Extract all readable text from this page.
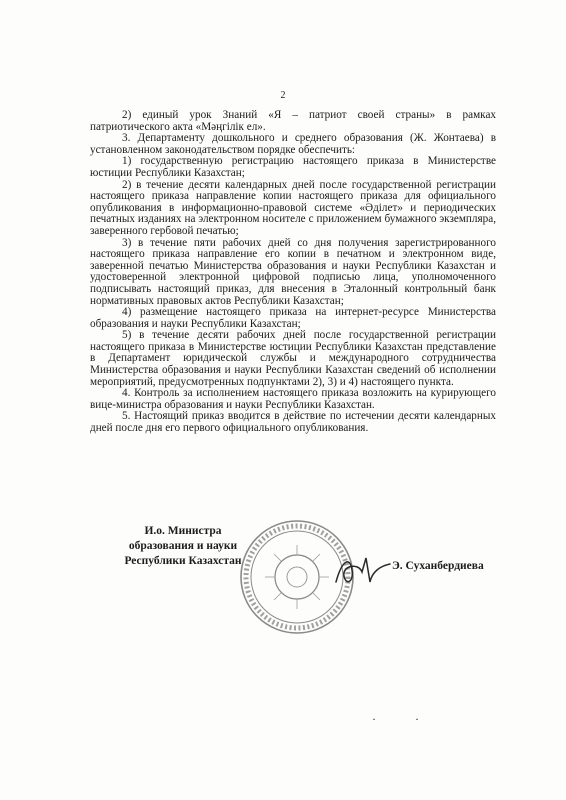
2

2) единый урок Знаний «Я – патриот своей страны» в рамках патриотического акта «Мәңгілік ел».

3. Департаменту дошкольного и среднего образования (Ж. Жонтаева) в установленном законодательством порядке обеспечить:

1) государственную регистрацию настоящего приказа в Министерстве юстиции Республики Казахстан;

2) в течение десяти календарных дней после государственной регистрации настоящего приказа направление копии настоящего приказа для официального опубликования в информационно-правовой системе «Әділет» и периодических печатных изданиях на электронном носителе с приложением бумажного экземпляра, заверенного гербовой печатью;

3) в течение пяти рабочих дней со дня получения зарегистрированного настоящего приказа направление его копии в печатном и электронном виде, заверенной печатью Министерства образования и науки Республики Казахстан и удостоверенной электронной цифровой подписью лица, уполномоченного подписывать настоящий приказ, для внесения в Эталонный контрольный банк нормативных правовых актов Республики Казахстан;

4) размещение настоящего приказа на интернет-ресурсе Министерства образования и науки Республики Казахстан;

5) в течение десяти рабочих дней после государственной регистрации настоящего приказа в Министерстве юстиции Республики Казахстан представление в Департамент юридической службы и международного сотрудничества Министерства образования и науки Республики Казахстан сведений об исполнении мероприятий, предусмотренных подпунктами 2), 3) и 4) настоящего пункта.

4. Контроль за исполнением настоящего приказа возложить на курирующего вице-министра образования и науки Республики Казахстан.

5. Настоящий приказ вводится в действие по истечении десяти календарных дней после дня его первого официального опубликования.

И.о. Министра
образования и науки
Республики Казахстан	Э. Суханбердиева
· ·
